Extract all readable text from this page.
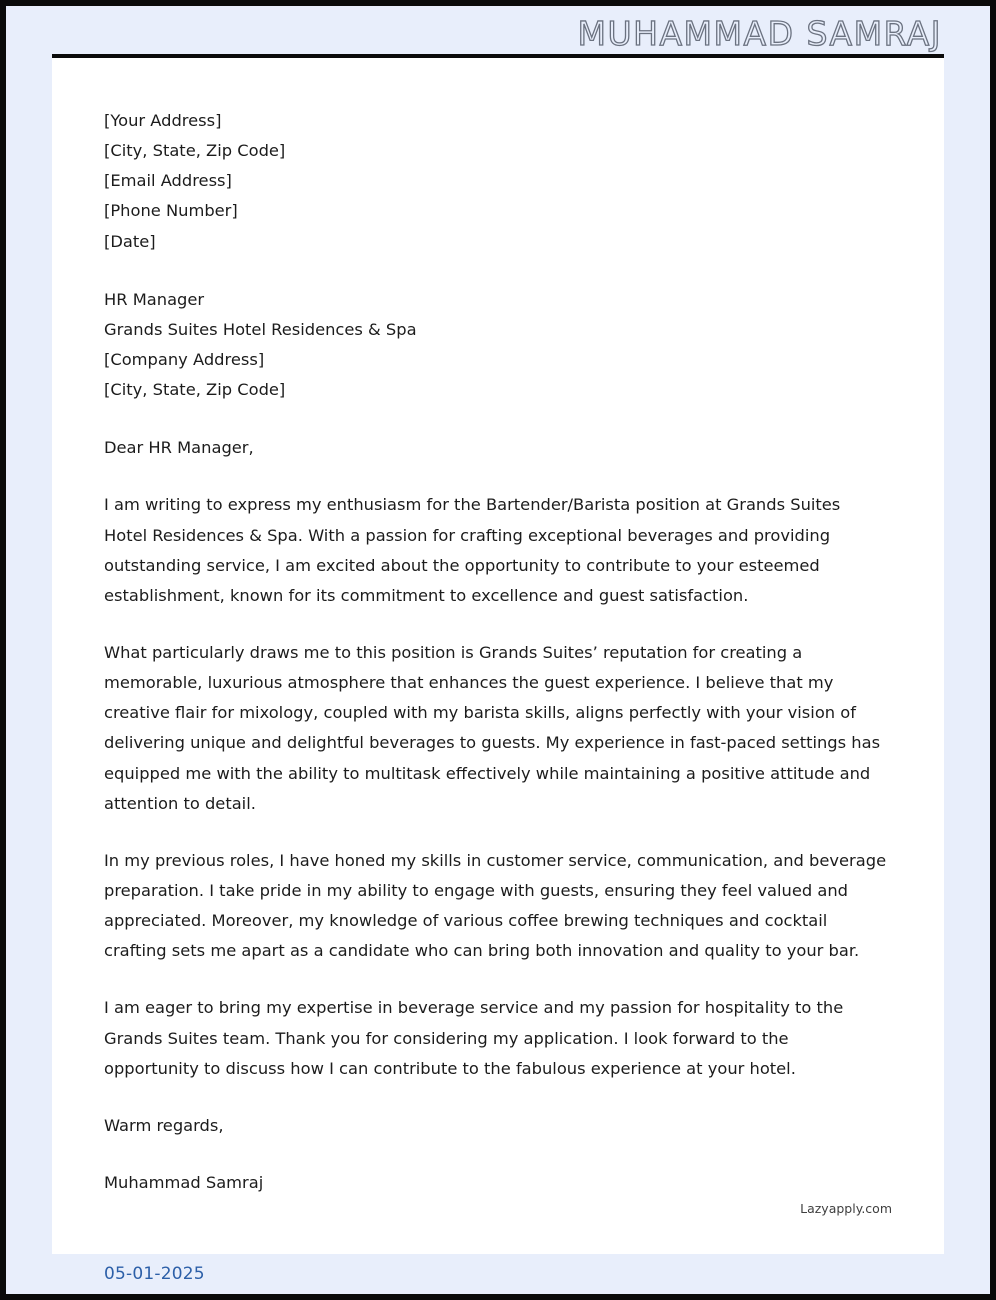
MUHAMMAD SAMRAJ
[Your Address]
[City, State, Zip Code]
[Email Address]
[Phone Number]
[Date]
HR Manager
Grands Suites Hotel Residences & Spa
[Company Address]
[City, State, Zip Code]

Dear HR Manager,

I am writing to express my enthusiasm for the Bartender/Barista position at Grands Suites Hotel Residences & Spa. With a passion for crafting exceptional beverages and providing outstanding service, I am excited about the opportunity to contribute to your esteemed establishment, known for its commitment to excellence and guest satisfaction.

What particularly draws me to this position is Grands Suites’ reputation for creating a memorable, luxurious atmosphere that enhances the guest experience. I believe that my creative flair for mixology, coupled with my barista skills, aligns perfectly with your vision of delivering unique and delightful beverages to guests. My experience in fast-paced settings has equipped me with the ability to multitask effectively while maintaining a positive attitude and attention to detail.

In my previous roles, I have honed my skills in customer service, communication, and beverage preparation. I take pride in my ability to engage with guests, ensuring they feel valued and appreciated. Moreover, my knowledge of various coffee brewing techniques and cocktail crafting sets me apart as a candidate who can bring both innovation and quality to your bar.

I am eager to bring my expertise in beverage service and my passion for hospitality to the Grands Suites team. Thank you for considering my application. I look forward to the opportunity to discuss how I can contribute to the fabulous experience at your hotel.

Warm regards,

Muhammad Samraj

Lazyapply.com
05-01-2025
